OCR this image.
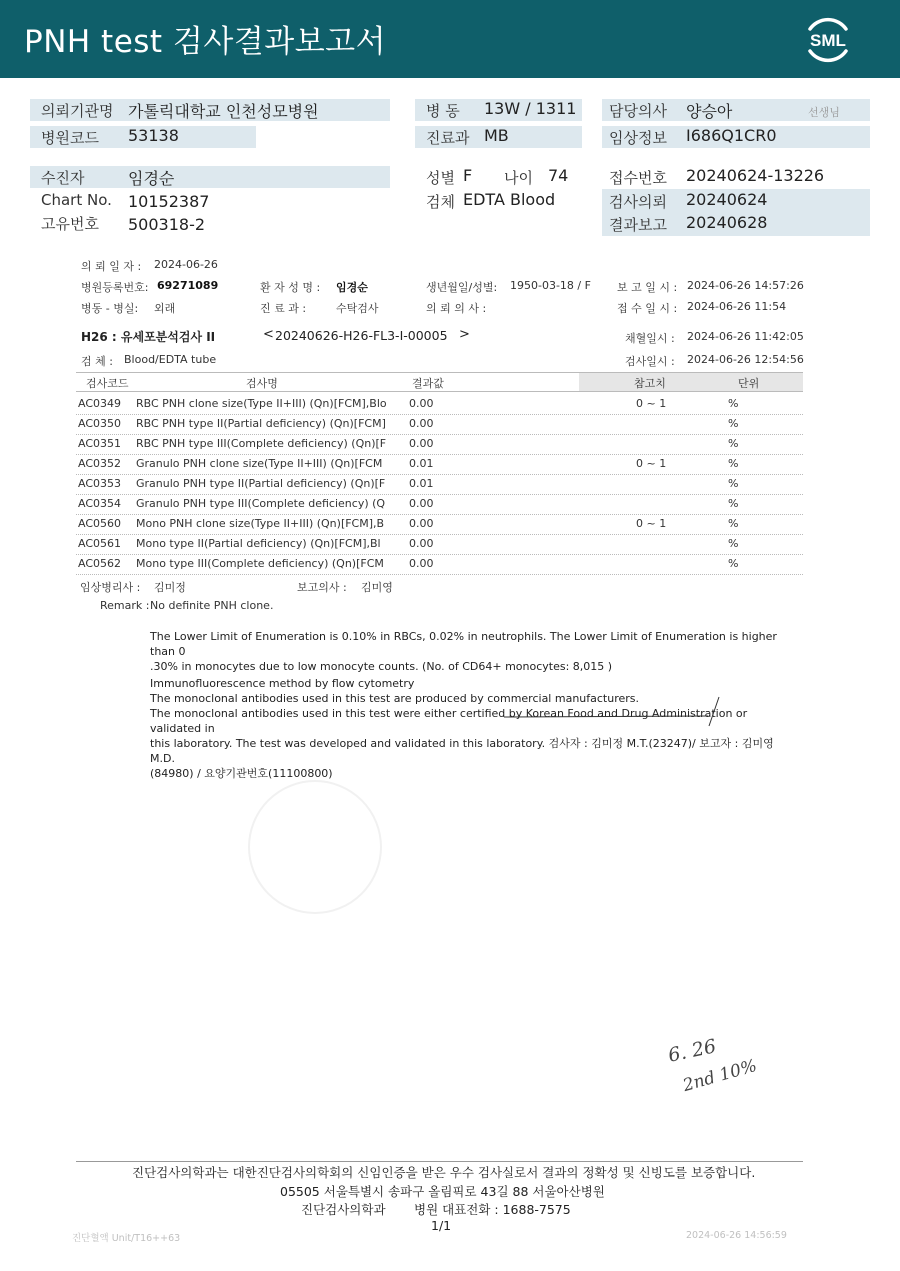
PNH test 검사결과보고서	SML
의뢰기관명 가톨릭대학교 인천성모병원
병원코드 53138
수진자	임경순
Chart No. 10152387
고유번호 500318-2
병 동 13W / 1311
진료과 MB
성별 F 나이 74
검체 EDTA Blood
담당의사 양승아	선생님
임상정보 I686Q1CR0
접수번호 20240624-13226
검사의뢰 20240624
결과보고 20240628
의 뢰 일 자 : 2024-06-26
병원등록번호: 69271089	환 자 성 명 : 임경순	생년월일/성별: 1950-03-18 / F 보 고 일 시 : 2024-06-26 14:57:26
병동 - 병실: 외래	진 료 과 :	수탁검사	의 뢰 의 사 :	접 수 일 시 : 2024-06-26 11:54
H26 : 유세포분석검사 II	< 20240626-H26-FL3-I-00005 >	채혈일시 : 2024-06-26 11:42:05
검 체 : Blood/EDTA tube	검사일시 : 2024-06-26 12:54:56
검사코드	검사명	결과값	참고치	단위
AC0349 RBC PNH clone size(Type II+III) (Qn)[FCM],Blo 0.00	0 ~ 1	%
AC0350 RBC PNH type II(Partial deficiency) (Qn)[FCM] 0.00	%
AC0351 RBC PNH type III(Complete deficiency) (Qn)[F 0.00	%
AC0352 Granulo PNH clone size(Type II+III) (Qn)[FCM 0.01	0 ~ 1	%
AC0353 Granulo PNH type II(Partial deficiency) (Qn)[F 0.01	%
AC0354 Granulo PNH type III(Complete deficiency) (Q 0.00	%
AC0560 Mono PNH clone size(Type II+III) (Qn)[FCM],B 0.00	0 ~ 1	%
AC0561 Mono type II(Partial deficiency) (Qn)[FCM],Bl	0.00	%
AC0562 Mono type III(Complete deficiency) (Qn)[FCM 0.00	%
임상병리사 : 김미정	보고의사 : 김미영
Remark : No definite PNH clone.
The Lower Limit of Enumeration is 0.10% in RBCs, 0.02% in neutrophils. The Lower Limit of Enumeration is higher than 0
.30% in monocytes due to low monocyte counts. (No. of CD64+ monocytes: 8,015 )
Immunofluorescence method by flow cytometry
The monoclonal antibodies used in this test are produced by commercial manufacturers.
The monoclonal antibodies used in this test were either certified by Korean Food and Drug Administration or validated in
this laboratory. The test was developed and validated in this laboratory. 검사자 : 김미정 M.T.(23247)/ 보고자 : 김미영 M.D.
(84980) / 요양기관번호(11100800)
6. 26
2nd 10%
진단검사의학과는 대한진단검사의학회의 신임인증을 받은 우수 검사실로서 결과의 정확성 및 신빙도를 보증합니다.
05505 서울특별시 송파구 올림픽로 43길 88 서울아산병원
진단검사의학과 병원 대표전화 : 1688-7575
1/1
진단혈액 Unit/T16++63	2024-06-26 14:56:59
